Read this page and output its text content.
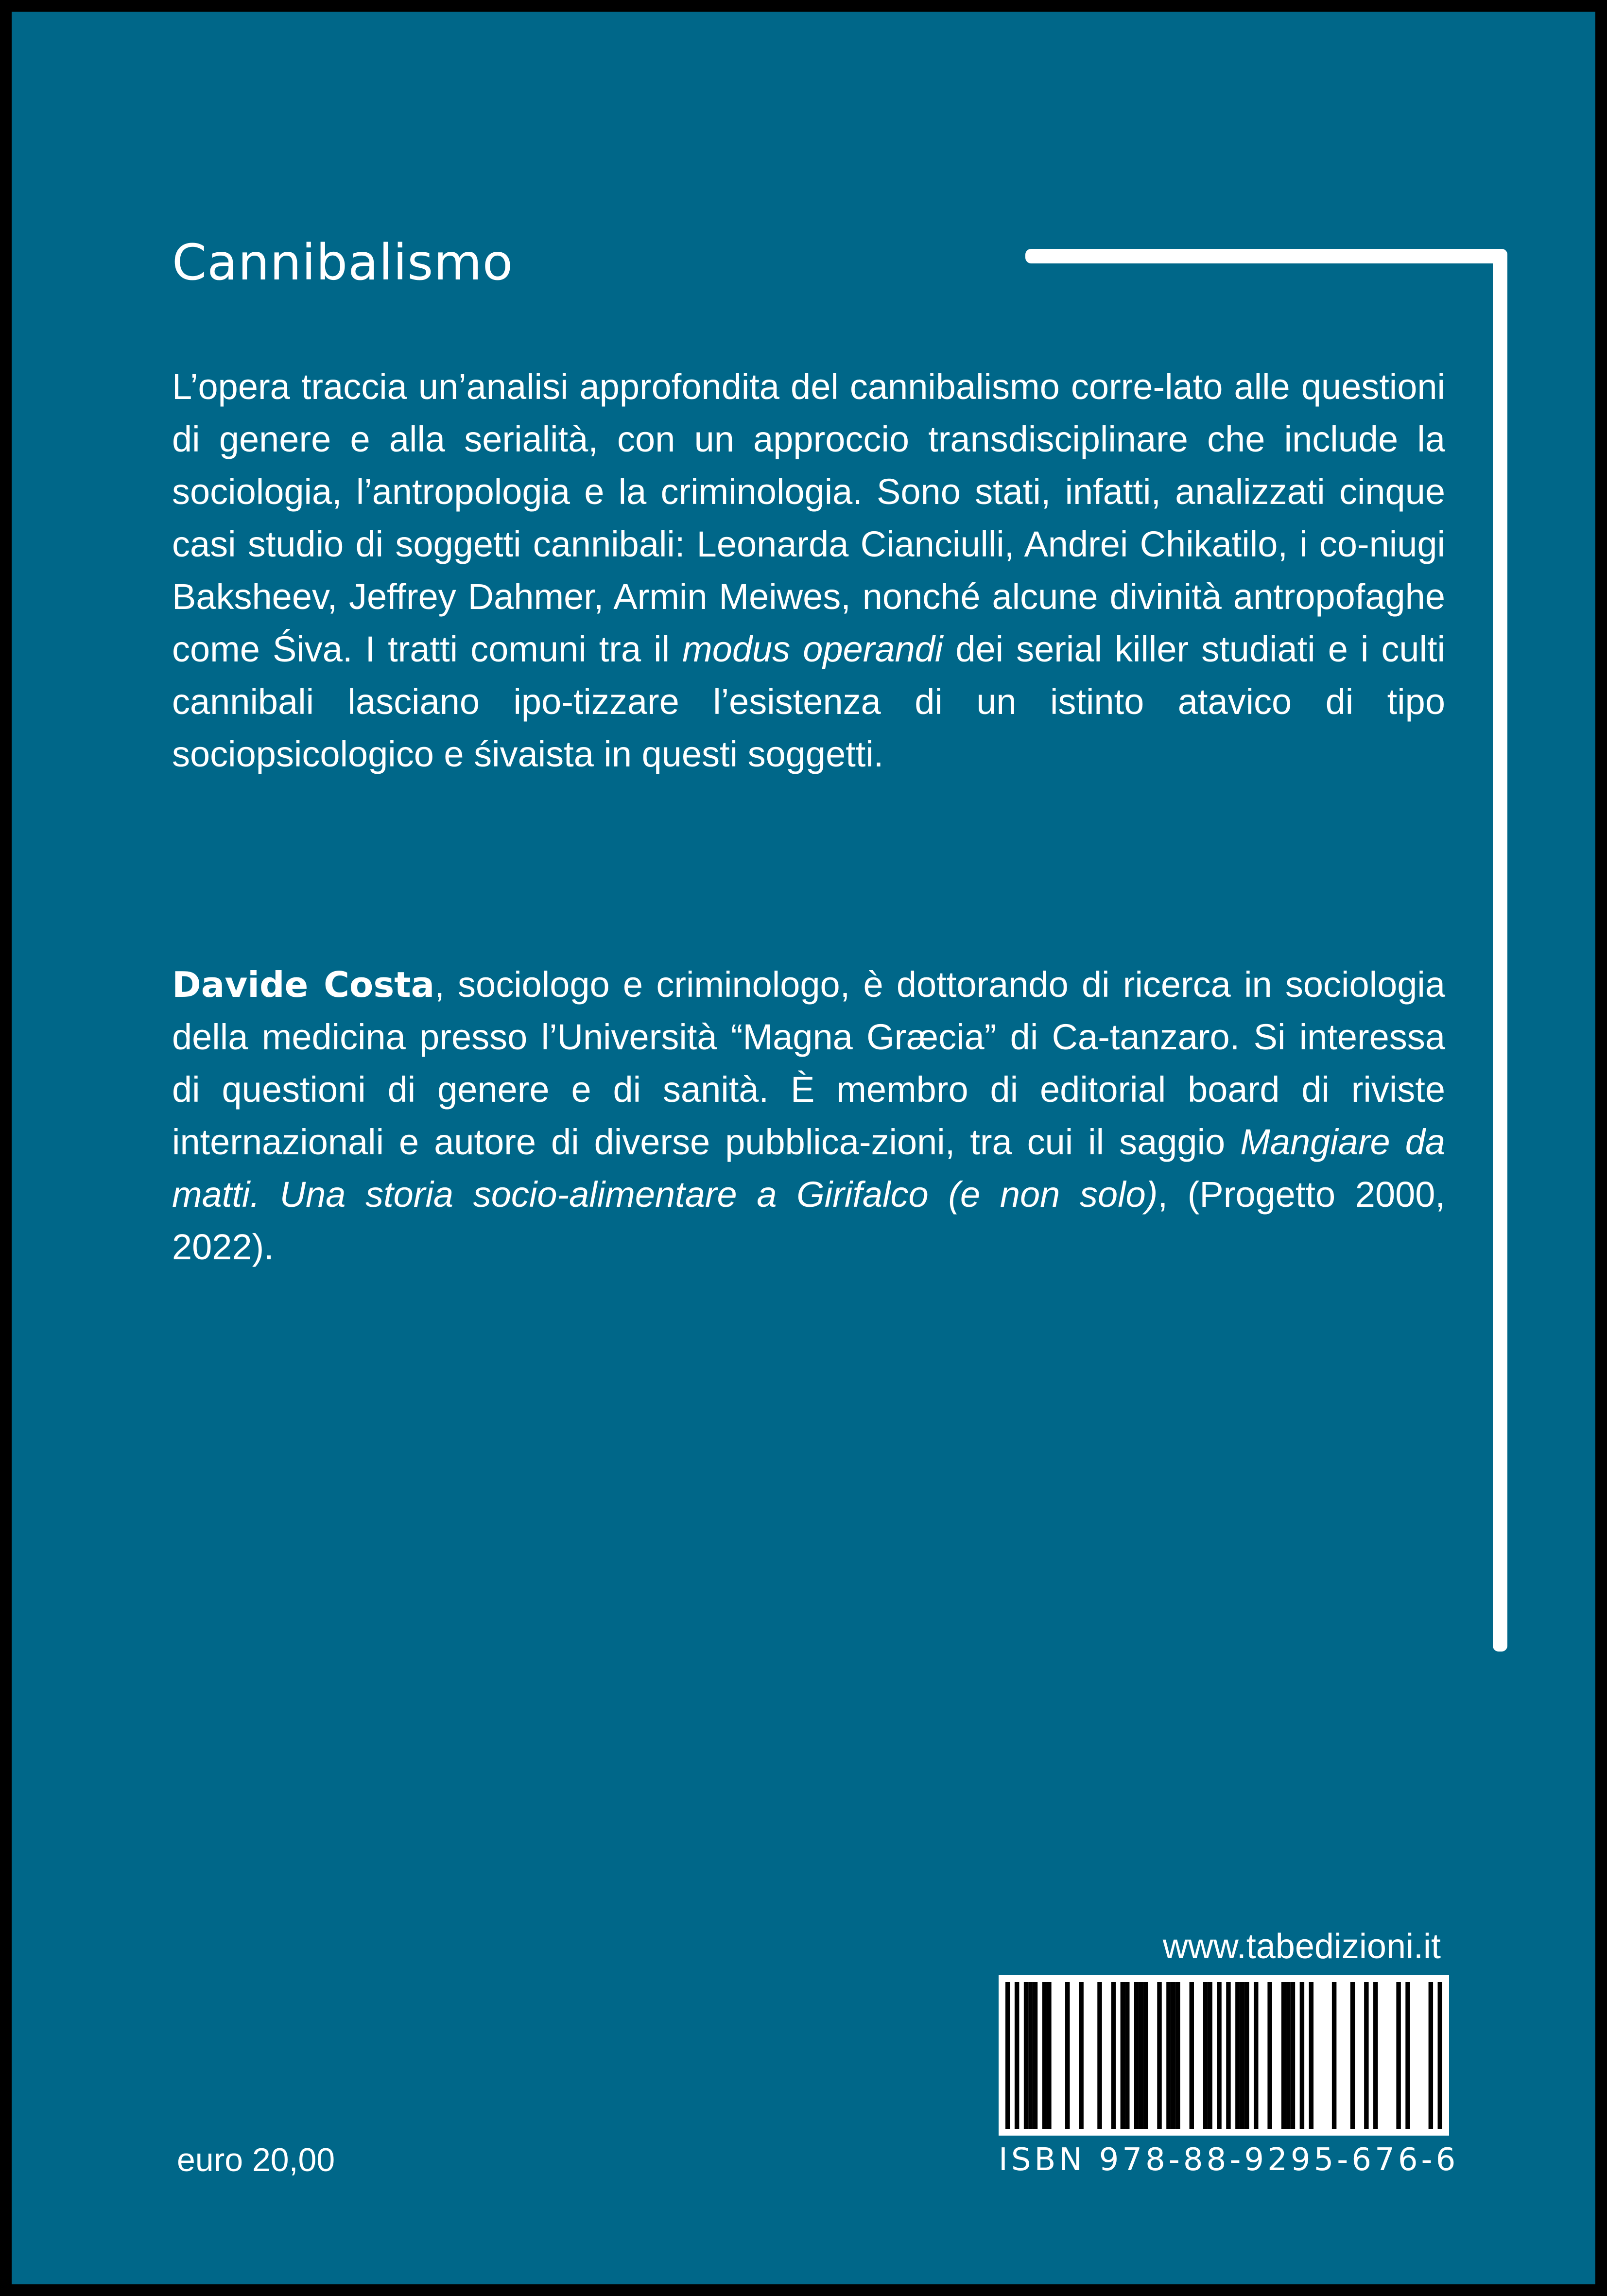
Cannibalismo

L’opera traccia un’analisi approfondita del cannibalismo corre-lato alle questioni di genere e alla serialità, con un approccio transdisciplinare che include la sociologia, l’antropologia e la criminologia. Sono stati, infatti, analizzati cinque casi studio di soggetti cannibali: Leonarda Cianciulli, Andrei Chikatilo, i co-niugi Baksheev, Jeffrey Dahmer, Armin Meiwes, nonché alcune divinità antropofaghe come Śiva. I tratti comuni tra il modus operandi dei serial killer studiati e i culti cannibali lasciano ipo-tizzare l’esistenza di un istinto atavico di tipo sociopsicologico e śivaista in questi soggetti.

Davide Costa, sociologo e criminologo, è dottorando di ricerca in sociologia della medicina presso l’Università “Magna Græcia” di Ca-tanzaro. Si interessa di questioni di genere e di sanità. È membro di editorial board di riviste internazionali e autore di diverse pubblica-zioni, tra cui il saggio Mangiare da matti. Una storia socio-alimentare a Girifalco (e non solo), (Progetto 2000, 2022).

www.tabedizioni.it
ISBN 978-88-9295-676-6
euro 20,00
